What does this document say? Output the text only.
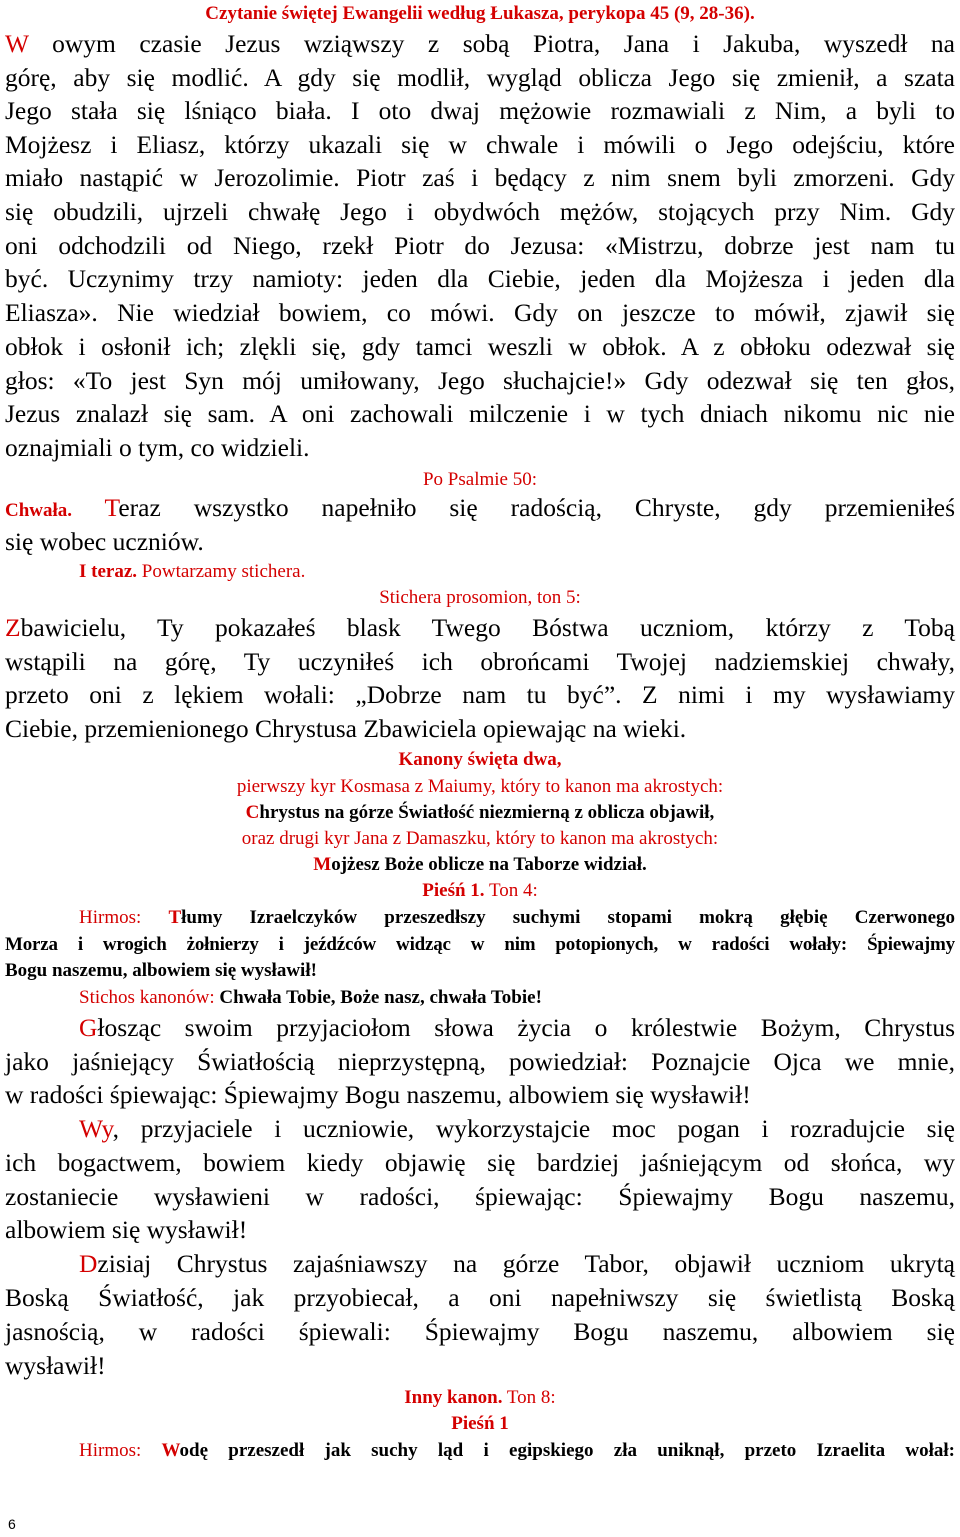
Czytanie świętej Ewangelii według Łukasza, perykopa 45 (9, 28-36).
W owym czasie Jezus wziąwszy z sobą Piotra, Jana i Jakuba, wyszedł na
górę, aby się modlić. A gdy się modlił, wygląd oblicza Jego się zmienił, a szata
Jego stała się lśniąco biała. I oto dwaj mężowie rozmawiali z Nim, a byli to
Mojżesz i Eliasz, którzy ukazali się w chwale i mówili o Jego odejściu, które
miało nastąpić w Jerozolimie. Piotr zaś i będący z nim snem byli zmorzeni. Gdy
się obudzili, ujrzeli chwałę Jego i obydwóch mężów, stojących przy Nim. Gdy
oni odchodzili od Niego, rzekł Piotr do Jezusa: «Mistrzu, dobrze jest nam tu
być. Uczynimy trzy namioty: jeden dla Ciebie, jeden dla Mojżesza i jeden dla
Eliasza». Nie wiedział bowiem, co mówi. Gdy on jeszcze to mówił, zjawił się
obłok i osłonił ich; zlękli się, gdy tamci weszli w obłok. A z obłoku odezwał się
głos: «To jest Syn mój umiłowany, Jego słuchajcie!» Gdy odezwał się ten głos,
Jezus znalazł się sam. A oni zachowali milczenie i w tych dniach nikomu nic nie
oznajmiali o tym, co widzieli.
Po Psalmie 50:
Chwała. Teraz wszystko napełniło się radością, Chryste, gdy przemieniłeś
się wobec uczniów.
I teraz. Powtarzamy stichera.
Stichera prosomion, ton 5:
Zbawicielu, Ty pokazałeś blask Twego Bóstwa uczniom, którzy z Tobą
wstąpili na górę, Ty uczyniłeś ich obrońcami Twojej nadziemskiej chwały,
przeto oni z lękiem wołali: „Dobrze nam tu być”. Z nimi i my wysławiamy
Ciebie, przemienionego Chrystusa Zbawiciela opiewając na wieki.
Kanony święta dwa,
pierwszy kyr Kosmasa z Maiumy, który to kanon ma akrostych:
Chrystus na górze Światłość niezmierną z oblicza objawił,
oraz drugi kyr Jana z Damaszku, który to kanon ma akrostych:
Mojżesz Boże oblicze na Taborze widział.
Pieśń 1. Ton 4:
Hirmos: Tłumy Izraelczyków przeszedłszy suchymi stopami mokrą głębię Czerwonego
Morza i wrogich żołnierzy i jeźdźców widząc w nim potopionych, w radości wołały: Śpiewajmy
Bogu naszemu, albowiem się wysławił!
Stichos kanonów: Chwała Tobie, Boże nasz, chwała Tobie!
Głosząc swoim przyjaciołom słowa życia o królestwie Bożym, Chrystus
jako jaśniejący Światłością nieprzystępną, powiedział: Poznajcie Ojca we mnie,
w radości śpiewając: Śpiewajmy Bogu naszemu, albowiem się wysławił!
Wy, przyjaciele i uczniowie, wykorzystajcie moc pogan i rozradujcie się
ich bogactwem, bowiem kiedy objawię się bardziej jaśniejącym od słońca, wy
zostaniecie wysławieni w radości, śpiewając: Śpiewajmy Bogu naszemu,
albowiem się wysławił!
Dzisiaj Chrystus zajaśniawszy na górze Tabor, objawił uczniom ukrytą
Boską Światłość, jak przyobiecał, a oni napełniwszy się świetlistą Boską
jasnością, w radości śpiewali: Śpiewajmy Bogu naszemu, albowiem się
wysławił!
Inny kanon. Ton 8:
Pieśń 1
Hirmos: Wodę przeszedł jak suchy ląd i egipskiego zła uniknął, przeto Izraelita wołał:
6
